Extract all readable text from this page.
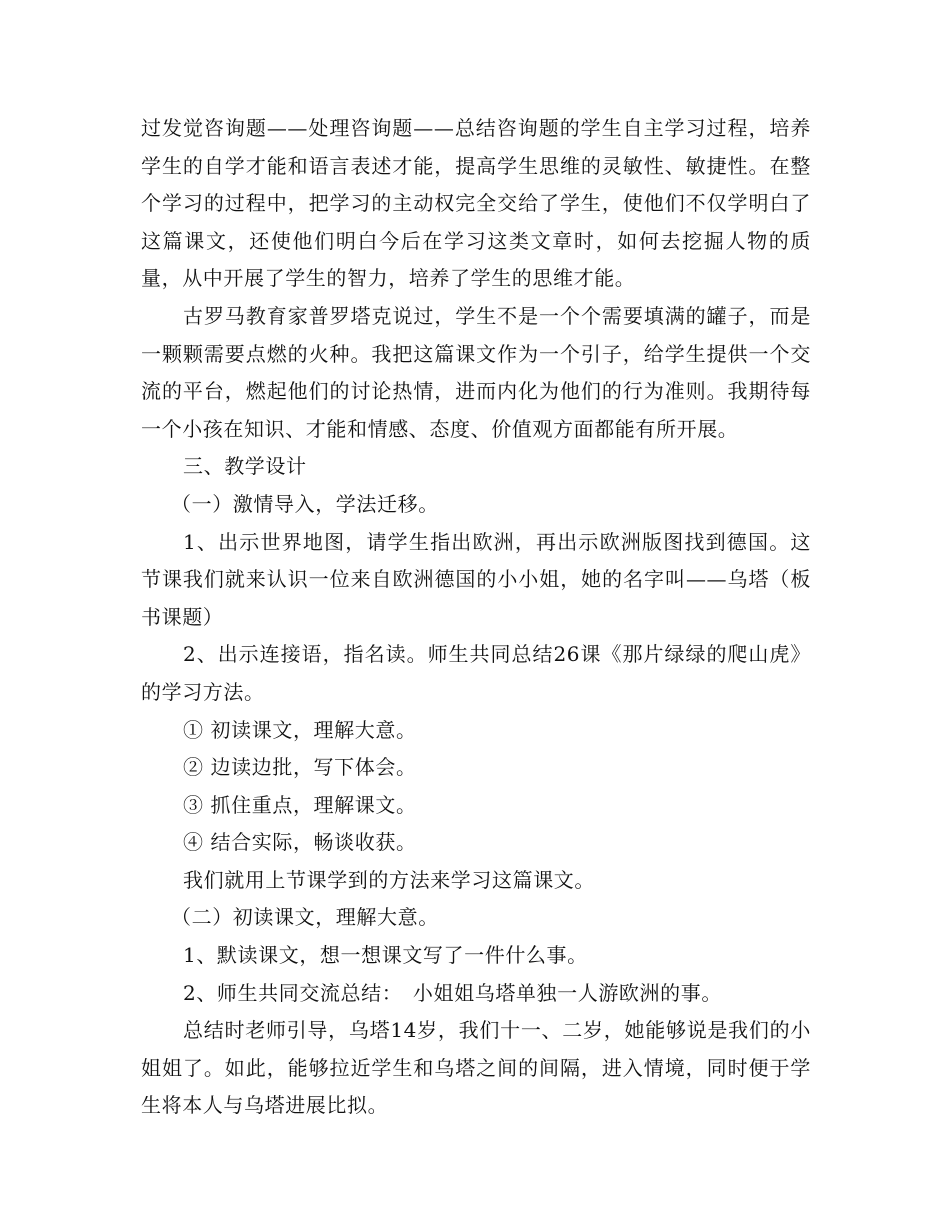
过发觉咨询题——处理咨询题——总结咨询题的学生自主学习过程，培养学生的自学才能和语言表述才能，提高学生思维的灵敏性、敏捷性。在整个学习的过程中，把学习的主动权完全交给了学生，使他们不仅学明白了这篇课文，还使他们明白今后在学习这类文章时，如何去挖掘人物的质量，从中开展了学生的智力，培养了学生的思维才能。

古罗马教育家普罗塔克说过，学生不是一个个需要填满的罐子，而是一颗颗需要点燃的火种。我把这篇课文作为一个引子，给学生提供一个交流的平台，燃起他们的讨论热情，进而内化为他们的行为准则。我期待每一个小孩在知识、才能和情感、态度、价值观方面都能有所开展。

三、教学设计

（一）激情导入，学法迁移。

1、出示世界地图，请学生指出欧洲，再出示欧洲版图找到德国。这节课我们就来认识一位来自欧洲德国的小小姐，她的名字叫——乌塔（板书课题）

2、出示连接语，指名读。师生共同总结26课《那片绿绿的爬山虎》的学习方法。

① 初读课文，理解大意。

② 边读边批，写下体会。

③ 抓住重点，理解课文。

④ 结合实际，畅谈收获。

我们就用上节课学到的方法来学习这篇课文。

（二）初读课文，理解大意。

1、默读课文，想一想课文写了一件什么事。

2、师生共同交流总结：　小姐姐乌塔单独一人游欧洲的事。

总结时老师引导，乌塔14岁，我们十一、二岁，她能够说是我们的小姐姐了。如此，能够拉近学生和乌塔之间的间隔，进入情境，同时便于学生将本人与乌塔进展比拟。
